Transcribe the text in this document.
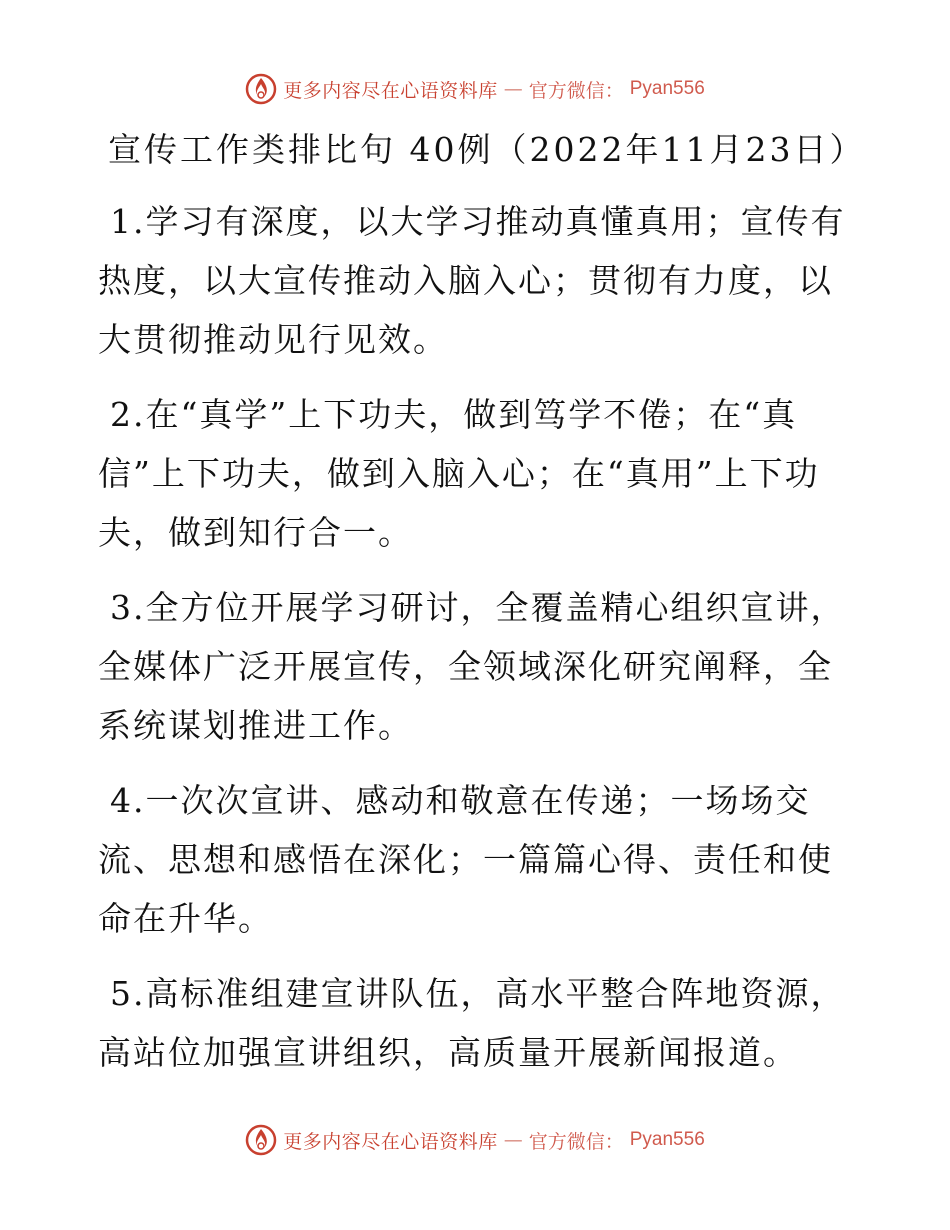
更多内容尽在心语资料库 — 官方微信： Pyan556
宣传工作类排比句 40例（2022年11月23日）

1.学习有深度，以大学习推动真懂真用；宣传有热度，以大宣传推动入脑入心；贯彻有力度，以大贯彻推动见行见效。

2.在“真学”上下功夫，做到笃学不倦；在“真信”上下功夫，做到入脑入心；在“真用”上下功夫，做到知行合一。

3.全方位开展学习研讨，全覆盖精心组织宣讲，全媒体广泛开展宣传，全领域深化研究阐释，全系统谋划推进工作。

4.一次次宣讲、感动和敬意在传递；一场场交流、思想和感悟在深化；一篇篇心得、责任和使命在升华。

5.高标准组建宣讲队伍，高水平整合阵地资源，高站位加强宣讲组织，高质量开展新闻报道。

更多内容尽在心语资料库 — 官方微信： Pyan556
